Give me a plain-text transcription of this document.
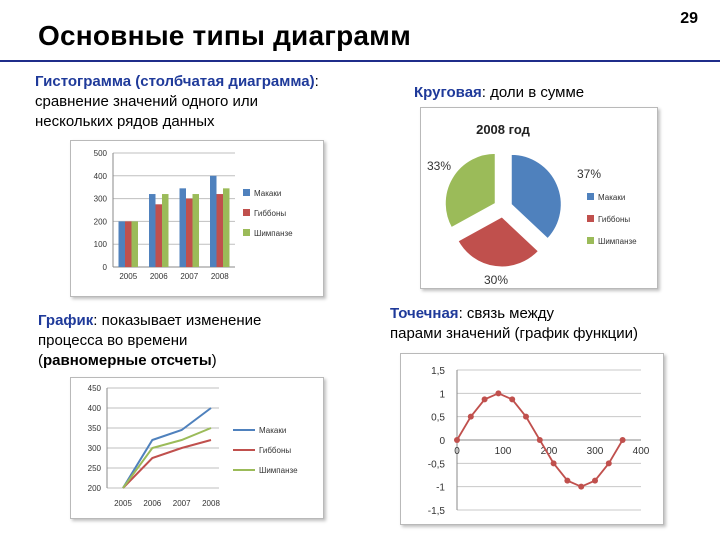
Основные типы диаграмм
29
Гистограмма (столбчатая диаграмма):
сравнение значений одного или
нескольких рядов данных
Круговая: доли в сумме
График: показывает изменение
процесса во времени
(равномерные отсчеты)
Точечная: связь между
парами значений (график функции)
0
100
200
300
400
500
2005 2006 2007 2008
Макаки
Гиббоны
Шимпанзе
2008 год
37%
30%
33%
Макаки
Гиббоны
Шимпанзе
200
250
300
350
400
450
2005 2006 2007 2008
Макаки
Гиббоны
Шимпанзе
1,5
1
0,5
0
-0,5
-1
-1,5
0	100	200	300	400
